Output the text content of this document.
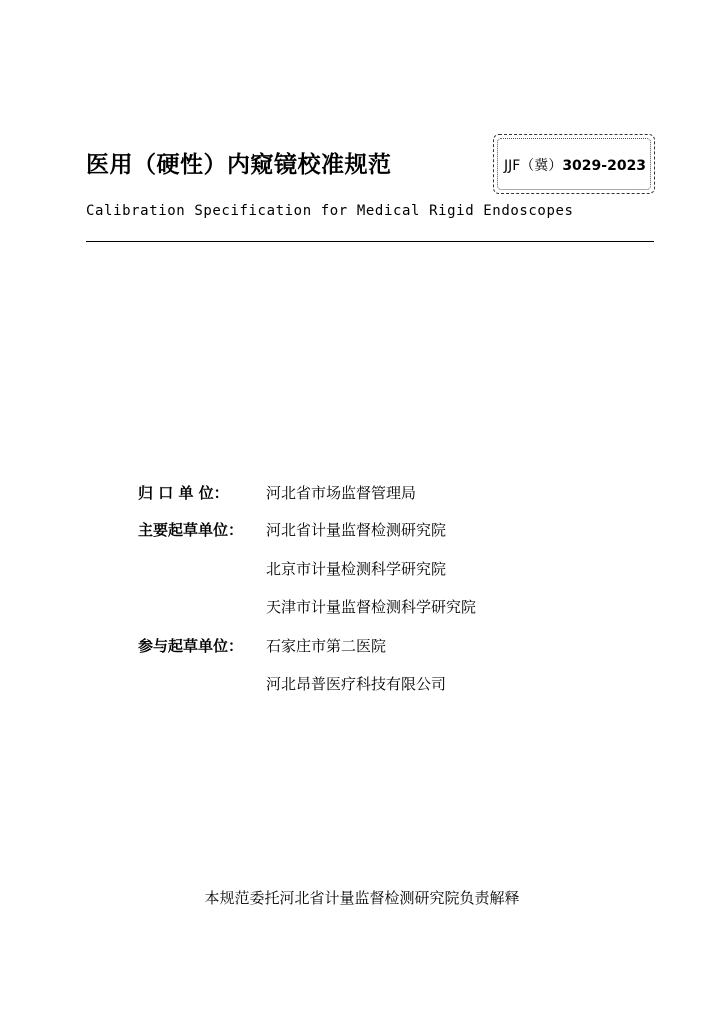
医用（硬性）内窥镜校准规范	JJF（冀）3029-2023
Calibration Specification for Medical Rigid Endoscopes
归 口 单 位： 河北省市场监督管理局
主要起草单位： 河北省计量监督检测研究院
北京市计量检测科学研究院
天津市计量监督检测科学研究院
参与起草单位： 石家庄市第二医院
河北昂普医疗科技有限公司
本规范委托河北省计量监督检测研究院负责解释
